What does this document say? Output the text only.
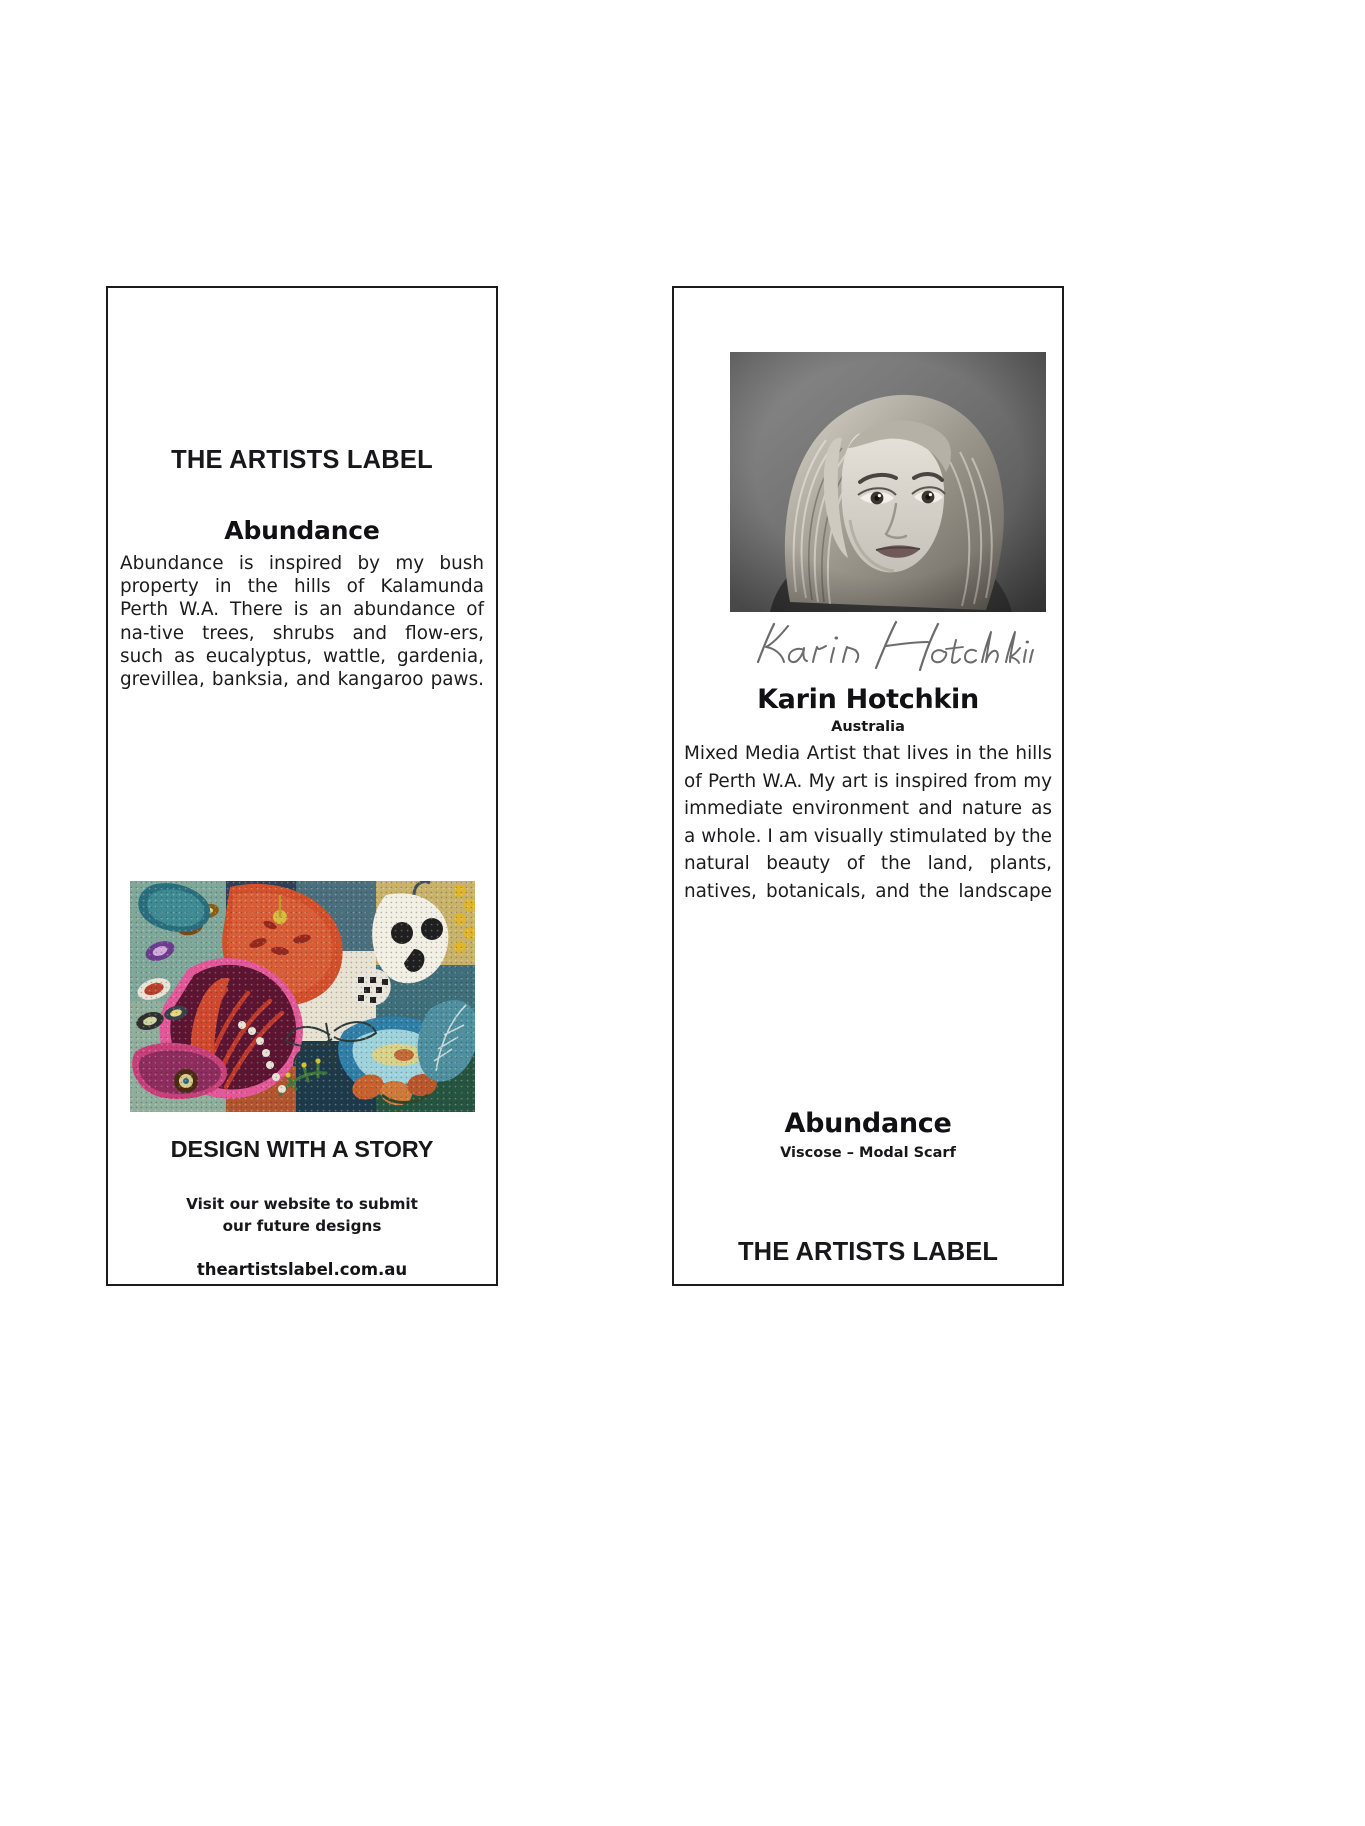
THE ARTISTS LABEL
Abundance
Abundance is inspired by my bush property in the hills of Kalamunda Perth W.A. There is an abundance of na-tive trees, shrubs and flow-ers, such as eucalyptus, wattle, gardenia, grevillea, banksia, and kangaroo paws.
DESIGN WITH A STORY
Visit our website to submit
our future designs
theartistslabel.com.au
Karin Hotchkin
Australia
Mixed Media Artist that lives in the hills of Perth W.A. My art is inspired from my immediate environment and nature as a whole. I am visually stimulated by the natural beauty of the land, plants, natives, botanicals, and the landscape
Abundance
Viscose – Modal Scarf
THE ARTISTS LABEL
